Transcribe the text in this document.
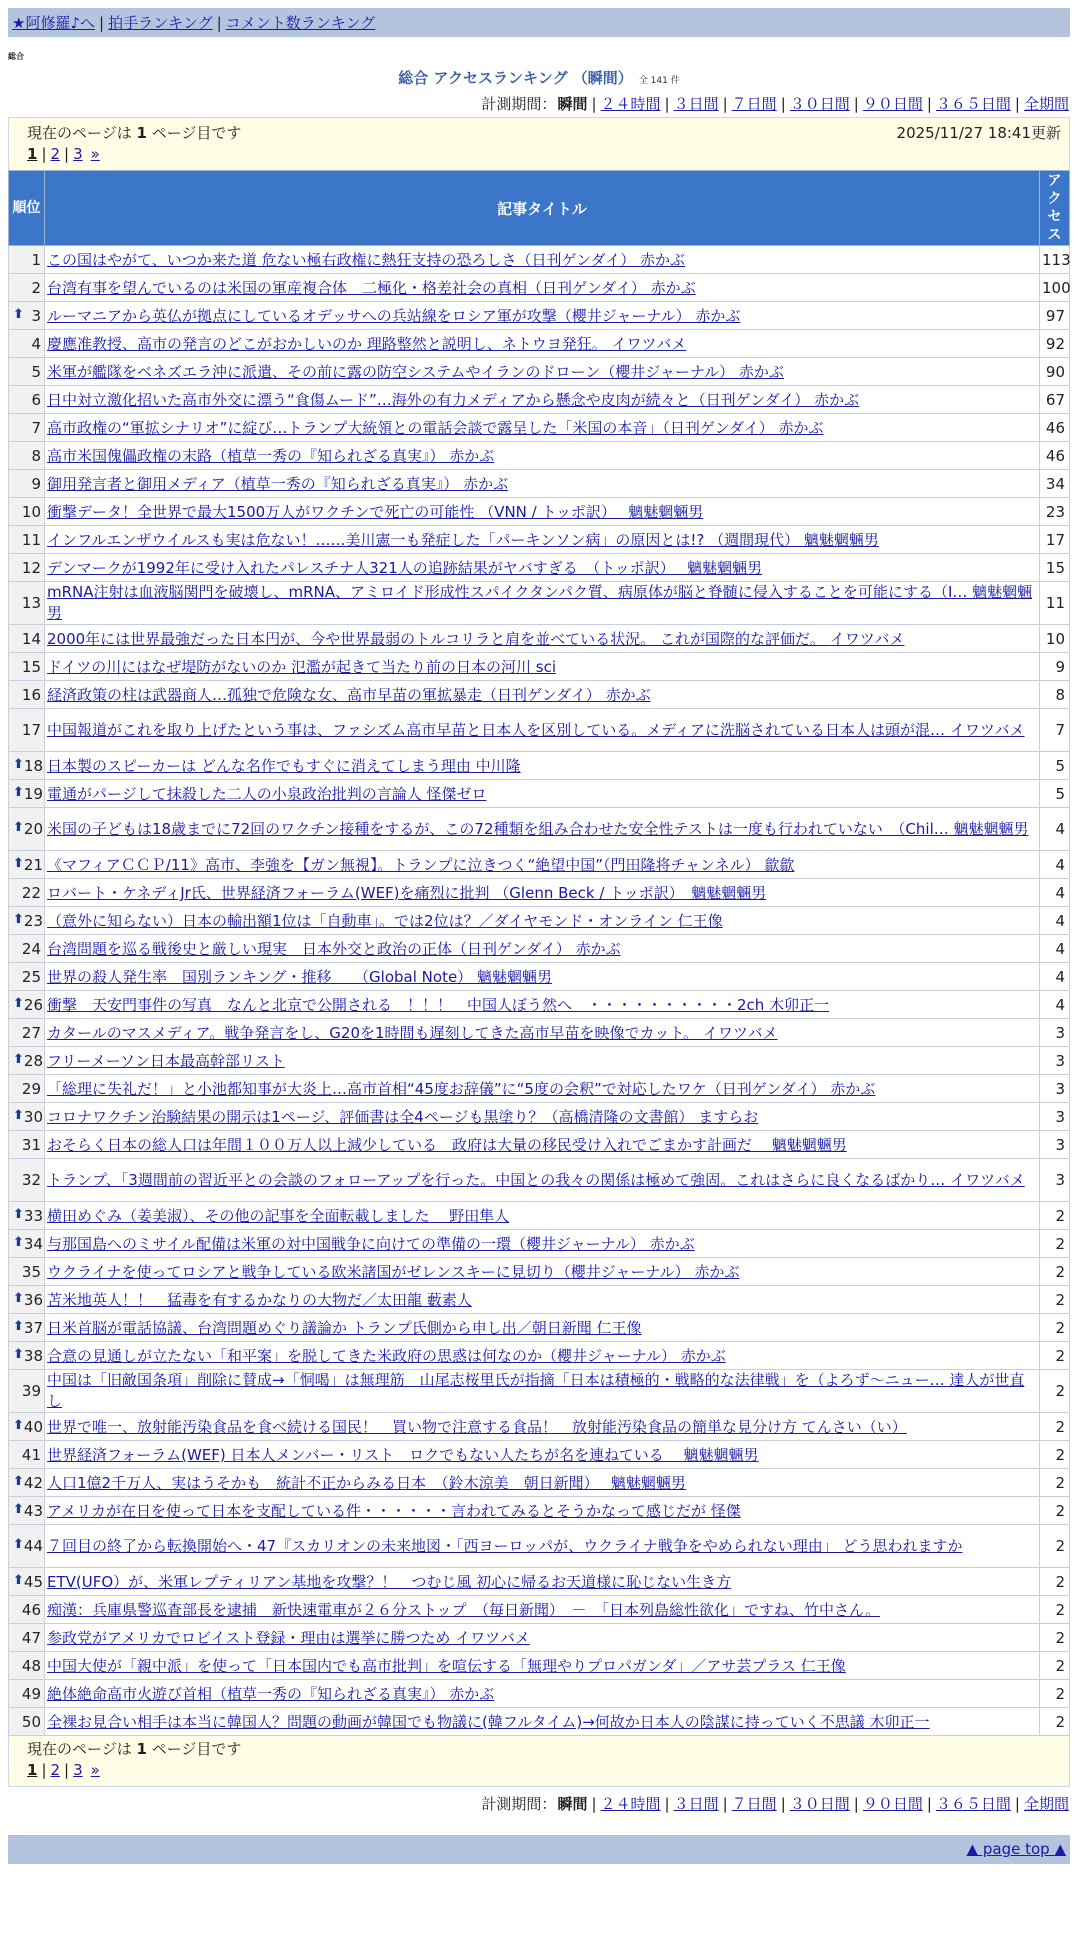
★阿修羅♪へ | 拍手ランキング | コメント数ランキング
総合
総合 アクセスランキング （瞬間） 全 141 件
計測期間：瞬間 | ２４時間 | ３日間 | ７日間 | ３０日間 | ９０日間 | ３６５日間 | 全期間
現在のページは 1 ページ目です	2025/11/27 18:41更新
1 | 2 | 3 »
順位	記事タイトル	アクセス
1	この国はやがて、いつか来た道 危ない極右政権に熱狂支持の恐ろしさ（日刊ゲンダイ） 赤かぶ	113
2	台湾有事を望んでいるのは米国の軍産複合体　二極化・格差社会の真相（日刊ゲンダイ） 赤かぶ	100

⬆ 3	ルーマニアから英仏が拠点にしているオデッサへの兵站線をロシア軍が攻撃（櫻井ジャーナル） 赤かぶ	97
4	慶應准教授、高市の発言のどこがおかしいのか 理路整然と説明し、ネトウヨ発狂。 イワツバメ	92
5	米軍が艦隊をベネズエラ沖に派遣、その前に露の防空システムやイランのドローン（櫻井ジャーナル） 赤かぶ	90
6	日中対立激化招いた高市外交に漂う“食傷ムード”…海外の有力メディアから懸念や皮肉が続々と（日刊ゲンダイ） 赤かぶ	67
7	高市政権の“軍拡シナリオ”に綻び…トランプ大統領との電話会談で露呈した「米国の本音」（日刊ゲンダイ） 赤かぶ	46
8	高市米国傀儡政権の末路（植草一秀の『知られざる真実』） 赤かぶ	46
9	御用発言者と御用メディア（植草一秀の『知られざる真実』） 赤かぶ	34
10	衝撃データ！全世界で最大1500万人がワクチンで死亡の可能性 （VNN / トッポ訳）　 魑魅魍魎男	23
11	インフルエンザウイルスも実は危ない！……美川憲一も発症した「パーキンソン病」の原因とは!? （週間現代） 魑魅魍魎男	17
12	デンマークが1992年に受け入れたパレスチナ人321人の追跡結果がヤバすぎる　（トッポ訳）　 魑魅魍魎男	15
13	mRNA注射は血液脳関門を破壊し、mRNA、アミロイド形成性スパイクタンパク質、病原体が脳と脊髄に侵入することを可能にする（I… 魑魅魍魎男	11
14	2000年には世界最強だった日本円が、今や世界最弱のトルコリラと肩を並べている状況。 これが国際的な評価だ。 イワツバメ	10
15	ドイツの川にはなぜ堤防がないのか 氾濫が起きて当たり前の日本の河川 sci	9
16	経済政策の柱は武器商人…孤独で危険な女、高市早苗の軍拡暴走（日刊ゲンダイ） 赤かぶ	8
17	中国報道がこれを取り上げたという事は、ファシズム高市早苗と日本人を区別している。メディアに洗脳されている日本人は頭が混… イワツバメ	7

⬆ 18	日本製のスピーカーは どんな名作でもすぐに消えてしまう理由 中川隆	5

⬆ 19	電通がパージして抹殺した二人の小泉政治批判の言論人 怪傑ゼロ	5

⬆ 20	米国の子どもは18歳までに72回のワクチン接種をするが、この72種類を組み合わせた安全性テストは一度も行われていない　（Chil… 魑魅魍魎男	4

⬆ 21	《マフィアＣＣＰ/11》高市、李強を【ガン無視】。トランプに泣きつく“絶望中国”（門田隆将チャンネル） 歙歙	4
22	ロバート・ケネディJr氏、世界経済フォーラム(WEF)を痛烈に批判 （Glenn Beck / トッポ訳）　魑魅魍魎男	4

⬆ 23	（意外に知らない）日本の輸出額1位は「自動車」。では2位は？／ダイヤモンド・オンライン 仁王像	4
24	台湾問題を巡る戦後史と厳しい現実　日本外交と政治の正体（日刊ゲンダイ） 赤かぶ	4
25	世界の殺人発生率　国別ランキング・推移　　（Global Note） 魑魅魍魎男	4

⬆ 26	衝撃　天安門事件の写真　なんと北京で公開される　！！！　中国人ぼう然へ　・・・・・・・・・・2ch 木卯正一	4
27	カタールのマスメディア。戦争発言をし、G20を1時間も遅刻してきた高市早苗を映像でカット。 イワツバメ	3

⬆ 28	フリーメーソン日本最高幹部リスト	3
29	「総理に失礼だ！」と小池都知事が大炎上…高市首相“45度お辞儀”に“5度の会釈”で対応したワケ（日刊ゲンダイ） 赤かぶ	3

⬆ 30	コロナワクチン治験結果の開示は1ページ、評価書は全4ページも黒塗り？（高橋清隆の文書館） ますらお	3
31	おそらく日本の総人口は年間１００万人以上減少している　政府は大量の移民受け入れでごまかす計画だ　 魑魅魍魎男	3
32	トランプ、「3週間前の習近平との会談のフォローアップを行った。中国との我々の関係は極めて強固。これはさらに良くなるばかり… イワツバメ	3

⬆ 33	横田めぐみ（姜美淑）、その他の記事を全面転載しました　 野田隼人	2

⬆ 34	与那国島へのミサイル配備は米軍の対中国戦争に向けての準備の一環（櫻井ジャーナル） 赤かぶ	2
35	ウクライナを使ってロシアと戦争している欧米諸国がゼレンスキーに見切り（櫻井ジャーナル） 赤かぶ	2

⬆ 36	苫米地英人！！　猛毒を有するかなりの大物だ／太田龍 藪素人	2

⬆ 37	日米首脳が電話協議、台湾問題めぐり議論か トランプ氏側から申し出／朝日新聞 仁王像	2

⬆ 38	合意の見通しが立たない「和平案」を脱してきた米政府の思惑は何なのか（櫻井ジャーナル） 赤かぶ	2
39	中国は「旧敵国条項」削除に賛成→「恫喝」は無理筋　山尾志桜里氏が指摘「日本は積極的・戦略的な法律戦」を（よろず～ニュー… 達人が世直し	2

⬆ 40	世界で唯一、放射能汚染食品を食べ続ける国民！　買い物で注意する食品！　放射能汚染食品の簡単な見分け方 てんさい（い）	2
41	世界経済フォーラム(WEF) 日本人メンバー・リスト　ロクでもない人たちが名を連ねている　 魑魅魍魎男	2

⬆ 42	人口1億2千万人、実はうそかも　統計不正からみる日本　（鈴木涼美　朝日新聞）　 魑魅魍魎男	2

⬆ 43	アメリカが在日を使って日本を支配している件・・・・・・言われてみるとそうかなって感じだが 怪傑	2

⬆ 44	７回目の終了から転換開始へ・47『スカリオンの未来地図・「西ヨーロッパが、ウクライナ戦争をやめられない理由」 どう思われますか	2

⬆ 45	ETV(UFO）が、米軍レプティリアン基地を攻撃？！　つむじ風 初心に帰るお天道様に恥じない生き方	2
46	痴漢：兵庫県警巡査部長を逮捕　新快速電車が２６分ストップ　（毎日新聞）　－　「日本列島総性欲化」ですね、竹中さん。	2
47	参政党がアメリカでロビイスト登録・理由は選挙に勝つため イワツバメ	2
48	中国大使が「親中派」を使って「日本国内でも高市批判」を喧伝する「無理やりプロパガンダ」／アサ芸プラス 仁王像	2
49	絶体絶命高市火遊び首相（植草一秀の『知られざる真実』） 赤かぶ	2
50	全裸お見合い相手は本当に韓国人？問題の動画が韓国でも物議に(韓フルタイム)→何故か日本人の陰謀に持っていく不思議 木卯正一	2
現在のページは 1 ページ目です
1 | 2 | 3 »
計測期間：瞬間 | ２４時間 | ３日間 | ７日間 | ３０日間 | ９０日間 | ３６５日間 | 全期間
▲ page top ▲
